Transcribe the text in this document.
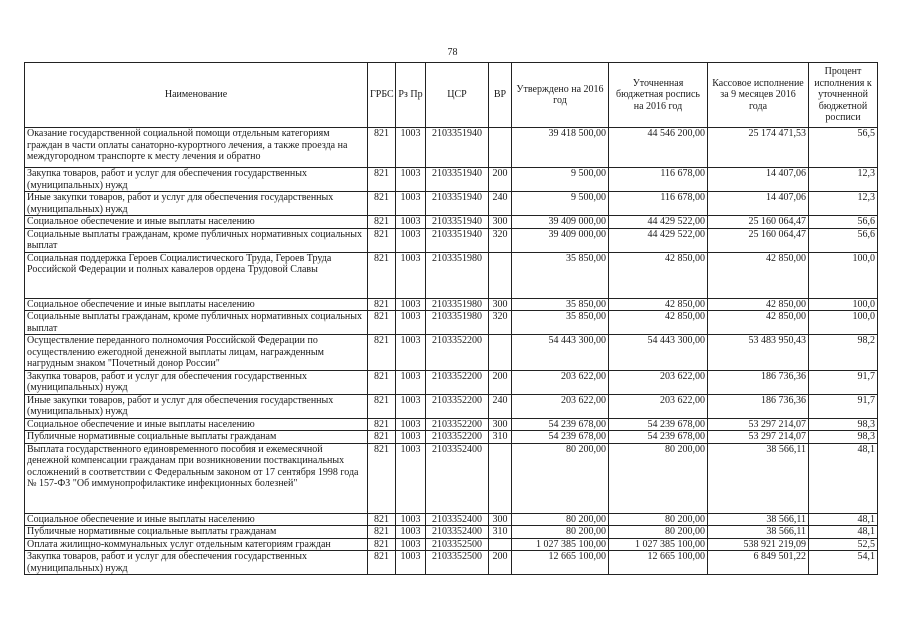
78
Наименование	ГРБС	Рз Пр	ЦСР	ВР	Утверждено на 2016 год	Уточненная бюджетная роспись на 2016 год	Кассовое исполнение за 9 месяцев 2016 года	Процент исполнения к уточненной бюджетной росписи
Оказание государственной социальной помощи отдельным категориям граждан в части оплаты санаторно-курортного лечения, а также проезда на междугородном транспорте к месту лечения и обратно	821	1003	2103351940		39 418 500,00	44 546 200,00	25 174 471,53	56,5
Закупка товаров, работ и услуг для обеспечения государственных (муниципальных) нужд	821	1003	2103351940	200	9 500,00	116 678,00	14 407,06	12,3
Иные закупки товаров, работ и услуг для обеспечения государственных (муниципальных) нужд	821	1003	2103351940	240	9 500,00	116 678,00	14 407,06	12,3
Социальное обеспечение и иные выплаты населению	821	1003	2103351940	300	39 409 000,00	44 429 522,00	25 160 064,47	56,6
Социальные выплаты гражданам, кроме публичных нормативных социальных выплат	821	1003	2103351940	320	39 409 000,00	44 429 522,00	25 160 064,47	56,6
Социальная поддержка Героев Социалистического Труда, Героев Труда Российской Федерации и полных кавалеров ордена Трудовой Славы	821	1003	2103351980		35 850,00	42 850,00	42 850,00	100,0
Социальное обеспечение и иные выплаты населению	821	1003	2103351980	300	35 850,00	42 850,00	42 850,00	100,0
Социальные выплаты гражданам, кроме публичных нормативных социальных выплат	821	1003	2103351980	320	35 850,00	42 850,00	42 850,00	100,0
Осуществление переданного полномочия Российской Федерации по осуществлению ежегодной денежной выплаты лицам, награжденным нагрудным знаком "Почетный донор России"	821	1003	2103352200		54 443 300,00	54 443 300,00	53 483 950,43	98,2
Закупка товаров, работ и услуг для обеспечения государственных (муниципальных) нужд	821	1003	2103352200	200	203 622,00	203 622,00	186 736,36	91,7
Иные закупки товаров, работ и услуг для обеспечения государственных (муниципальных) нужд	821	1003	2103352200	240	203 622,00	203 622,00	186 736,36	91,7
Социальное обеспечение и иные выплаты населению	821	1003	2103352200	300	54 239 678,00	54 239 678,00	53 297 214,07	98,3
Публичные нормативные социальные выплаты гражданам	821	1003	2103352200	310	54 239 678,00	54 239 678,00	53 297 214,07	98,3
Выплата государственного единовременного пособия и ежемесячной денежной компенсации гражданам при возникновении поствакцинальных осложнений в соответствии с Федеральным законом от 17 сентября 1998 года № 157-ФЗ "Об иммунопрофилактике инфекционных болезней"	821	1003	2103352400		80 200,00	80 200,00	38 566,11	48,1
Социальное обеспечение и иные выплаты населению	821	1003	2103352400	300	80 200,00	80 200,00	38 566,11	48,1
Публичные нормативные социальные выплаты гражданам	821	1003	2103352400	310	80 200,00	80 200,00	38 566,11	48,1
Оплата жилищно-коммунальных услуг отдельным категориям граждан	821	1003	2103352500		1 027 385 100,00	1 027 385 100,00	538 921 219,09	52,5
Закупка товаров, работ и услуг для обеспечения государственных (муниципальных) нужд	821	1003	2103352500	200	12 665 100,00	12 665 100,00	6 849 501,22	54,1
